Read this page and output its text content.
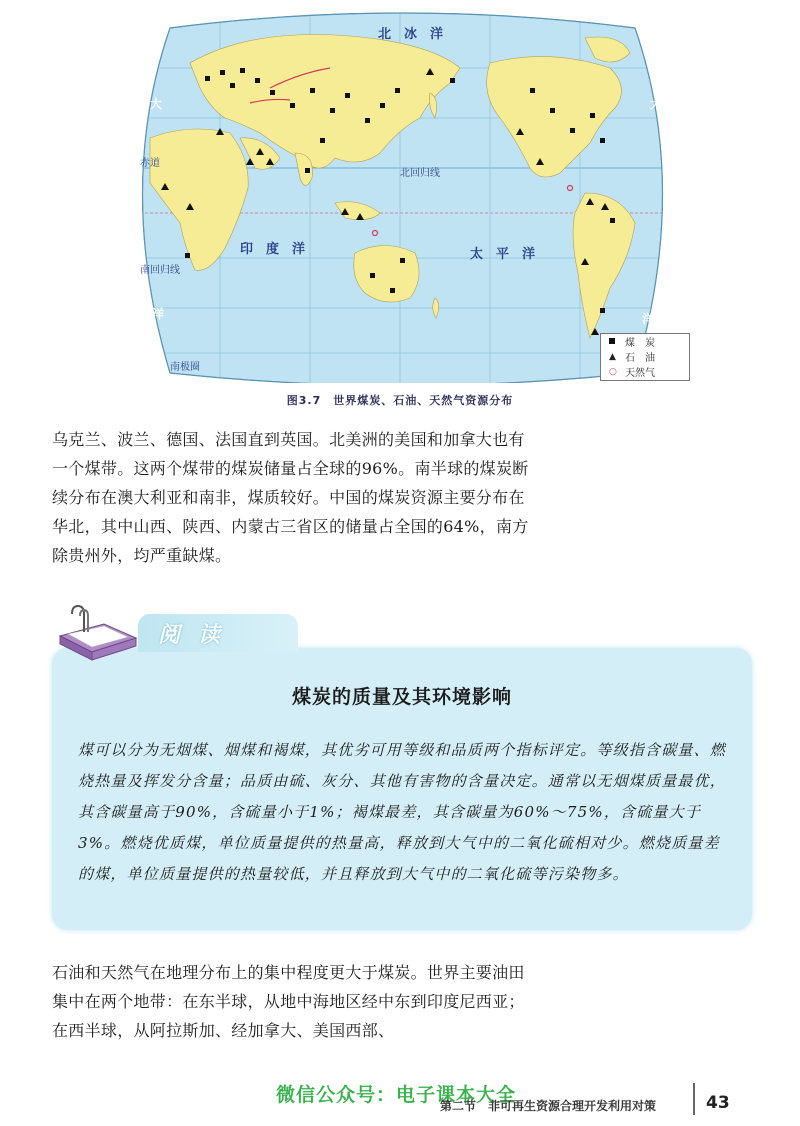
北　冰　洋
大	大
印　度　洋	太　平　洋
洋	洋
赤道
北回归线
南回归线
南极圈
煤　炭
▲ 石　油
○ 天然气
图3.7　世界煤炭、石油、天然气资源分布

乌克兰、波兰、德国、法国直到英国。北美洲的美国和加拿大也有一个煤带。这两个煤带的煤炭储量占全球的96%。南半球的煤炭断续分布在澳大利亚和南非，煤质较好。中国的煤炭资源主要分布在华北，其中山西、陕西、内蒙古三省区的储量占全国的64%，南方除贵州外，均严重缺煤。

阅读
煤炭的质量及其环境影响

煤可以分为无烟煤、烟煤和褐煤，其优劣可用等级和品质两个指标评定。等级指含碳量、燃烧热量及挥发分含量；品质由硫、灰分、其他有害物的含量决定。通常以无烟煤质量最优，其含碳量高于90%，含硫量小于1%；褐煤最差，其含碳量为60%～75%，含硫量大于3%。燃烧优质煤，单位质量提供的热量高，释放到大气中的二氧化硫相对少。燃烧质量差的煤，单位质量提供的热量较低，并且释放到大气中的二氧化硫等污染物多。

石油和天然气在地理分布上的集中程度更大于煤炭。世界主要油田集中在两个地带：在东半球，从地中海地区经中东到印度尼西亚；在西半球，从阿拉斯加、经加拿大、美国西部、

微信公众号：电子课本大全
第二节　非可再生资源合理开发利用对策	43
